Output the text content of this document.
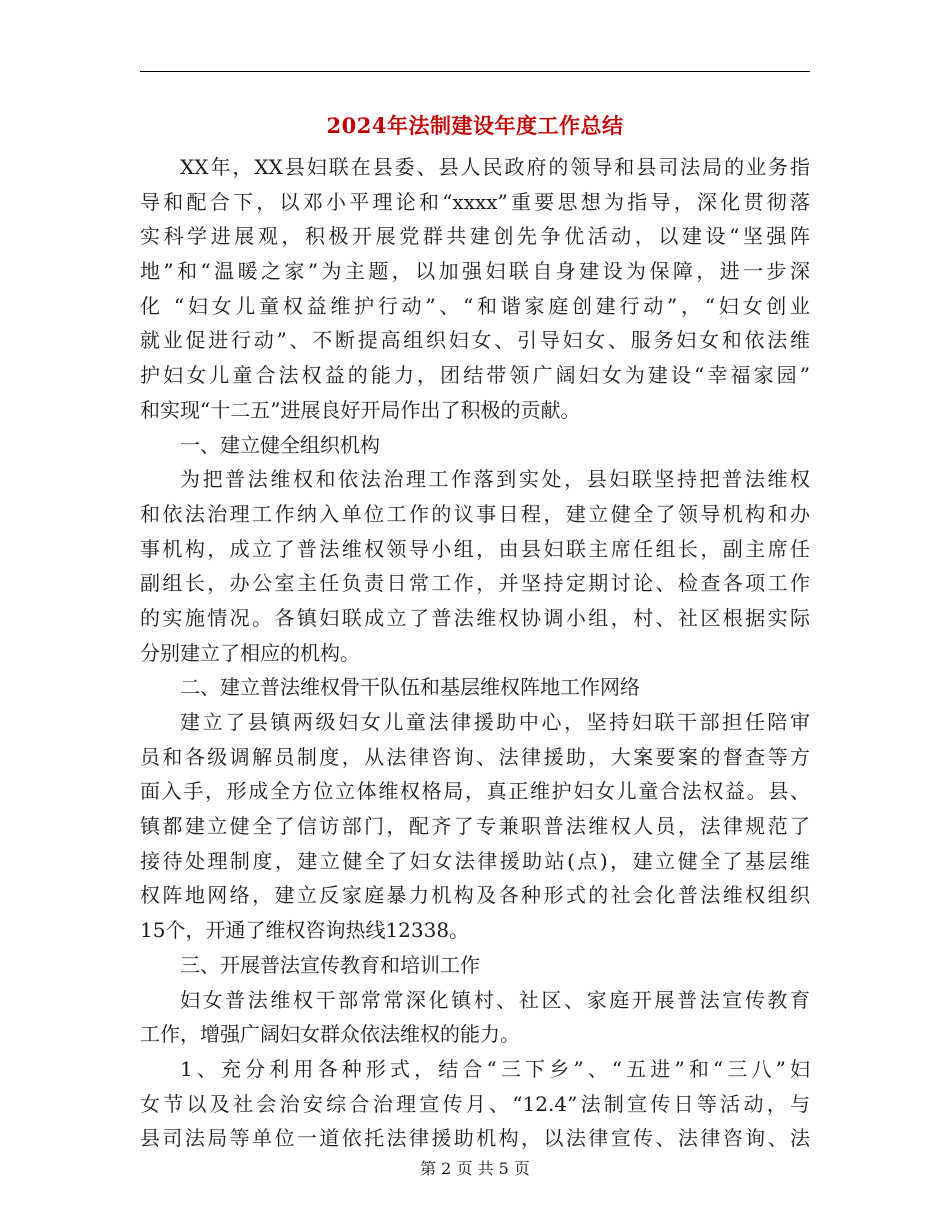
2024年法制建设年度工作总结
XX年，XX县妇联在县委、县人民政府的领导和县司法局的业务指
导和配合下，以邓小平理论和“xxxx”重要思想为指导，深化贯彻落
实科学进展观，积极开展党群共建创先争优活动，以建设“坚强阵
地”和“温暖之家”为主题，以加强妇联自身建设为保障，进一步深
化 “妇女儿童权益维护行动”、“和谐家庭创建行动”，“妇女创业
就业促进行动”、不断提高组织妇女、引导妇女、服务妇女和依法维
护妇女儿童合法权益的能力，团结带领广阔妇女为建设“幸福家园”
和实现“十二五”进展良好开局作出了积极的贡献。
一、建立健全组织机构
为把普法维权和依法治理工作落到实处，县妇联坚持把普法维权
和依法治理工作纳入单位工作的议事日程，建立健全了领导机构和办
事机构，成立了普法维权领导小组，由县妇联主席任组长，副主席任
副组长，办公室主任负责日常工作，并坚持定期讨论、检查各项工作
的实施情况。各镇妇联成立了普法维权协调小组，村、社区根据实际
分别建立了相应的机构。
二、建立普法维权骨干队伍和基层维权阵地工作网络
建立了县镇两级妇女儿童法律援助中心，坚持妇联干部担任陪审
员和各级调解员制度，从法律咨询、法律援助，大案要案的督查等方
面入手，形成全方位立体维权格局，真正维护妇女儿童合法权益。县、
镇都建立健全了信访部门，配齐了专兼职普法维权人员，法律规范了
接待处理制度，建立健全了妇女法律援助站(点)，建立健全了基层维
权阵地网络，建立反家庭暴力机构及各种形式的社会化普法维权组织
15个，开通了维权咨询热线12338。
三、开展普法宣传教育和培训工作
妇女普法维权干部常常深化镇村、社区、家庭开展普法宣传教育
工作，增强广阔妇女群众依法维权的能力。
1、充分利用各种形式，结合“三下乡”、“五进”和“三八”妇
女节以及社会治安综合治理宣传月、“12.4”法制宣传日等活动，与
县司法局等单位一道依托法律援助机构，以法律宣传、法律咨询、法
第 2 页 共 5 页
